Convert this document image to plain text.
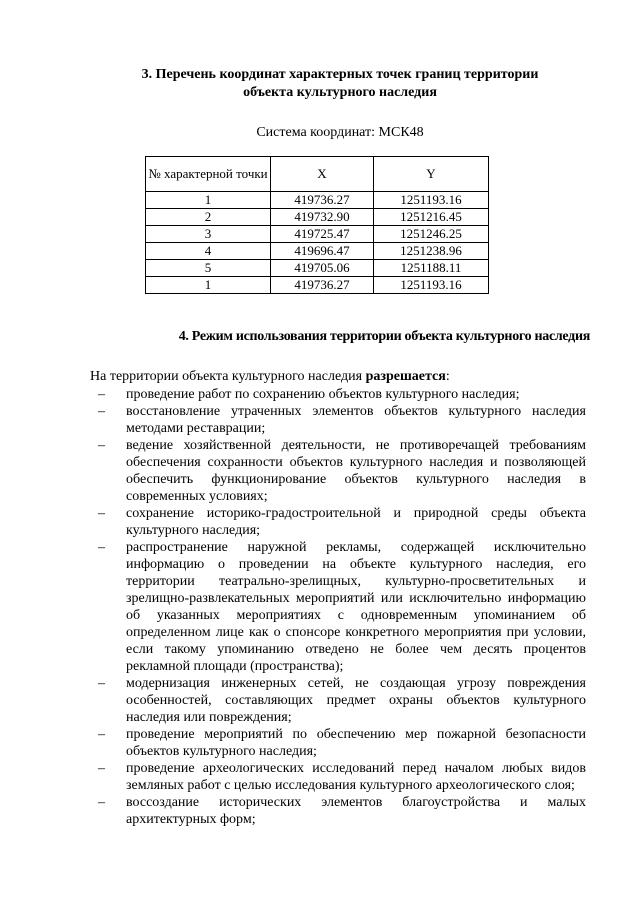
3. Перечень координат характерных точек границ территории
объекта культурного наследия
Система координат: МСК48
№ характерной точки	X	Y
1	419736.27	1251193.16
2	419732.90	1251216.45
3	419725.47	1251246.25
4	419696.47	1251238.96
5	419705.06	1251188.11
1	419736.27	1251193.16
4. Режим использования территории объекта культурного наследия
На территории объекта культурного наследия разрешается:
– проведение работ по сохранению объектов культурного наследия;
– восстановление утраченных элементов объектов культурного наследия методами реставрации;
– ведение хозяйственной деятельности, не противоречащей требованиям обеспечения сохранности объектов культурного наследия и позволяющей обеспечить функционирование объектов культурного наследия в современных условиях;
– сохранение историко-градостроительной и природной среды объекта культурного наследия;
– распространение наружной рекламы, содержащей исключительно информацию о проведении на объекте культурного наследия, его территории театрально-зрелищных, культурно-просветительных и зрелищно-развлекательных мероприятий или исключительно информацию об указанных мероприятиях с одновременным упоминанием об определенном лице как о спонсоре конкретного мероприятия при условии, если такому упоминанию отведено не более чем десять процентов рекламной площади (пространства);
– модернизация инженерных сетей, не создающая угрозу повреждения особенностей, составляющих предмет охраны объектов культурного наследия или повреждения;
– проведение мероприятий по обеспечению мер пожарной безопасности объектов культурного наследия;
– проведение археологических исследований перед началом любых видов земляных работ с целью исследования культурного археологического слоя;
– воссоздание исторических элементов благоустройства и малых архитектурных форм;
